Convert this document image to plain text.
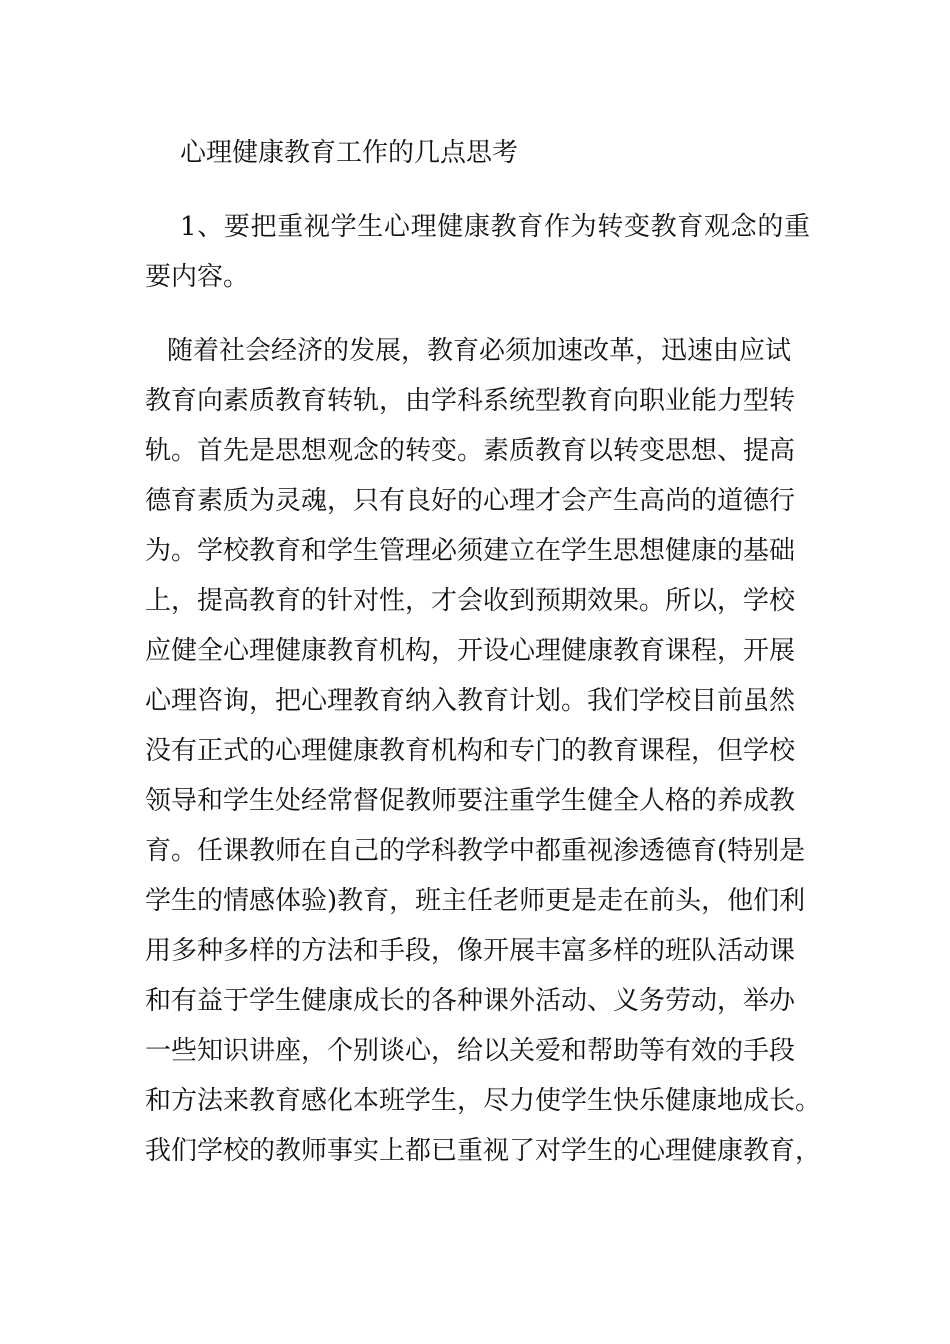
心理健康教育工作的几点思考

1、要把重视学生心理健康教育作为转变教育观念的重要内容。

随着社会经济的发展，教育必须加速改革，迅速由应试
教育向素质教育转轨，由学科系统型教育向职业能力型转
轨。首先是思想观念的转变。素质教育以转变思想、提高
德育素质为灵魂，只有良好的心理才会产生高尚的道德行
为。学校教育和学生管理必须建立在学生思想健康的基础
上，提高教育的针对性，才会收到预期效果。所以，学校
应健全心理健康教育机构，开设心理健康教育课程，开展
心理咨询，把心理教育纳入教育计划。我们学校目前虽然
没有正式的心理健康教育机构和专门的教育课程，但学校
领导和学生处经常督促教师要注重学生健全人格的养成教
育。任课教师在自己的学科教学中都重视渗透德育(特别是
学生的情感体验)教育，班主任老师更是走在前头，他们利
用多种多样的方法和手段，像开展丰富多样的班队活动课
和有益于学生健康成长的各种课外活动、义务劳动，举办
一些知识讲座，个别谈心，给以关爱和帮助等有效的手段
和方法来教育感化本班学生，尽力使学生快乐健康地成长。
我们学校的教师事实上都已重视了对学生的心理健康教育，
